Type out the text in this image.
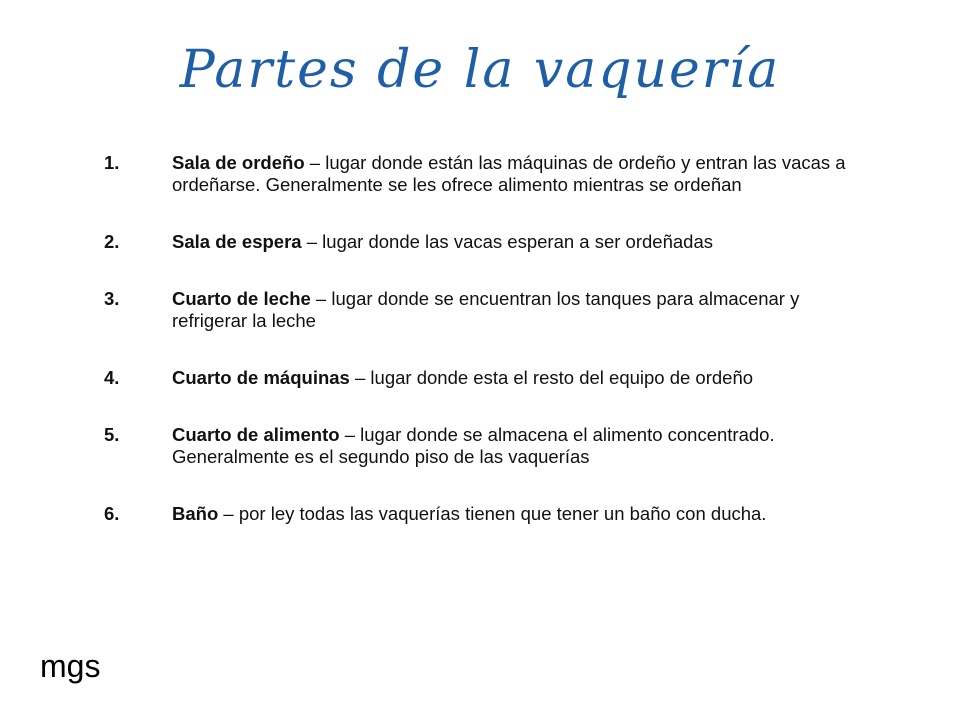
Partes de la vaquería
1.	Sala de ordeño – lugar donde están las máquinas de ordeño y entran las vacas a ordeñarse. Generalmente se les ofrece alimento mientras se ordeñan
2.	Sala de espera – lugar donde las vacas esperan a ser ordeñadas
3.	Cuarto de leche – lugar donde se encuentran los tanques para almacenar y refrigerar la leche
4.	Cuarto de máquinas – lugar donde esta el resto del equipo de ordeño
5.	Cuarto de alimento – lugar donde se almacena el alimento concentrado. Generalmente es el segundo piso de las vaquerías
6.	Baño – por ley todas las vaquerías tienen que tener un baño con ducha.
mgs
